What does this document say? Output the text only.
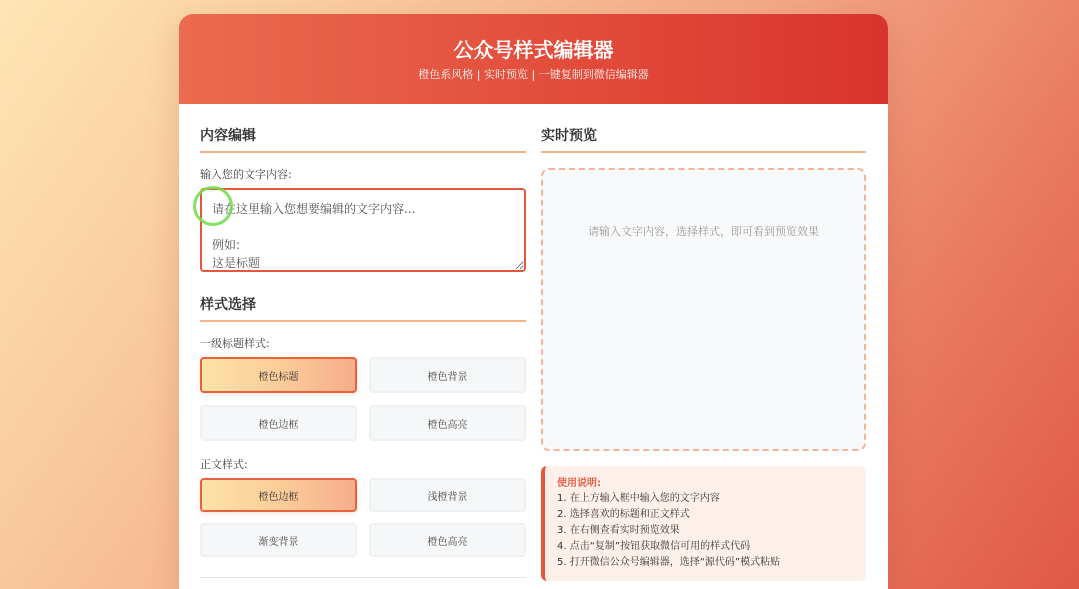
公众号样式编辑器

橙色系风格 | 实时预览 | 一键复制到微信编辑器

内容编辑
输入您的文字内容:
请在这里输入您想要编辑的文字内容... 例如: 这是标题
样式选择
一级标题样式:
橙色标题	橙色背景
橙色边框	橙色高亮
正文样式:
橙色边框	浅橙背景
渐变背景	橙色高亮
实时预览
请输入文字内容，选择样式，即可看到预览效果
使用说明:
1. 在上方输入框中输入您的文字内容
2. 选择喜欢的标题和正文样式
3. 在右侧查看实时预览效果
4. 点击“复制”按钮获取微信可用的样式代码
5. 打开微信公众号编辑器，选择“源代码”模式粘贴
